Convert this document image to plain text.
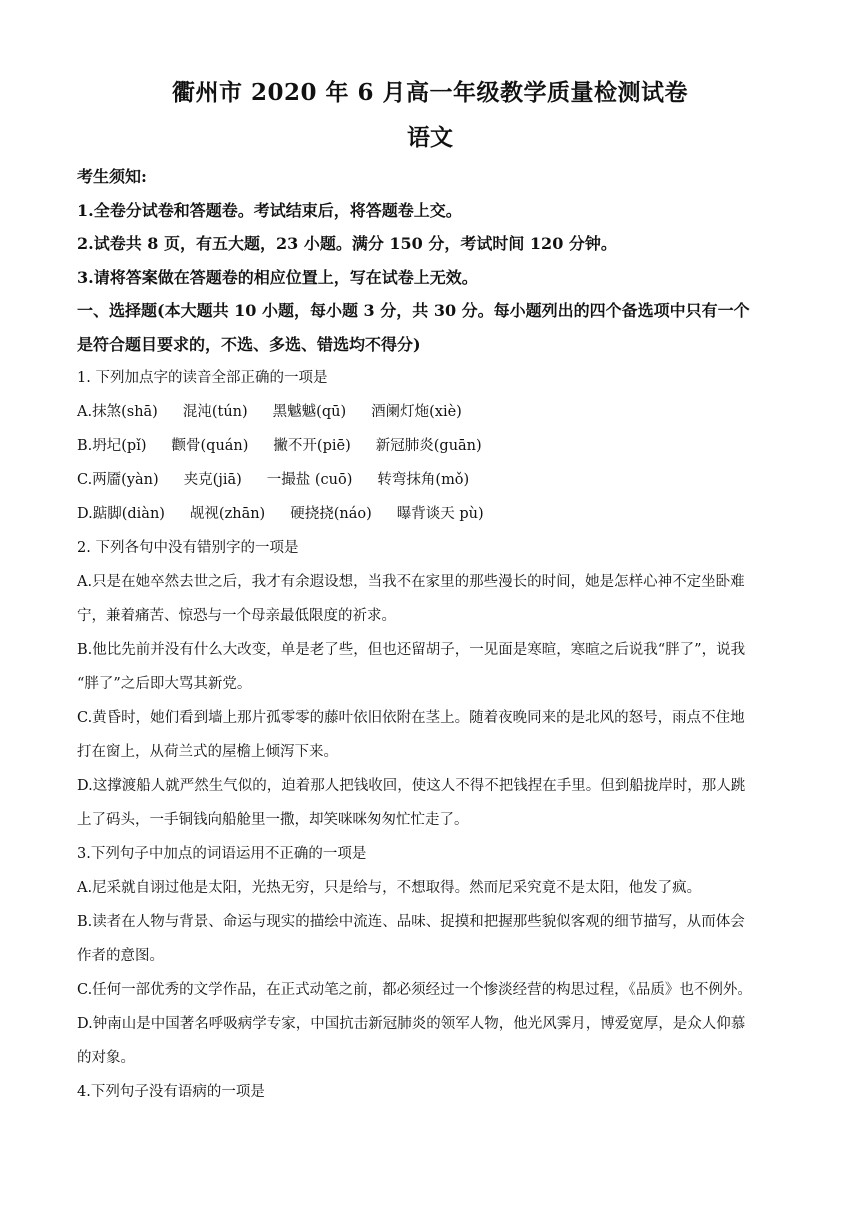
衢州市 2020 年 6 月高一年级教学质量检测试卷
语文
考生须知:
1.全卷分试卷和答题卷。考试结束后，将答题卷上交。
2.试卷共 8 页，有五大题，23 小题。满分 150 分，考试时间 120 分钟。
3.请将答案做在答题卷的相应位置上，写在试卷上无效。
一、选择题(本大题共 10 小题，每小题 3 分，共 30 分。每小题列出的四个备选项中只有一个
是符合题目要求的，不选、多选、错选均不得分)
1. 下列加点字的读音全部正确的一项是
A. 抹煞(shā) 混沌(tún) 黑魆魆(qū) 酒阑灯炧(xiè)
B. 坍圮(pǐ) 颧骨(quán) 撇不开(piē) 新冠肺炎(guān)
C. 两靥(yàn) 夹克(jiā) 一撮盐 (cuō) 转弯抹角(mǒ)
D. 踮脚(diàn) 觇视(zhān) 硬挠挠(náo) 曝背谈天 pù)
2. 下列各句中没有错别字的一项是
A.只是在她卒然去世之后，我才有余遐设想，当我不在家里的那些漫长的时间，她是怎样心神不定坐卧难
宁，兼着痛苦、惊恐与一个母亲最低限度的祈求。
B.他比先前并没有什么大改变，单是老了些，但也还留胡子，一见面是寒暄，寒暄之后说我“胖了”，说我
“胖了”之后即大骂其新党。
C.黄昏时，她们看到墙上那片孤零零的藤叶依旧依附在茎上。随着夜晚同来的是北风的怒号，雨点不住地
打在窗上，从荷兰式的屋檐上倾泻下来。
D.这撑渡船人就严然生气似的，迫着那人把钱收回，使这人不得不把钱捏在手里。但到船拢岸时，那人跳
上了码头，一手铜钱向船舱里一撒，却笑咪咪匆匆忙忙走了。
3.下列句子中加点的词语运用不正确的一项是
A.尼采就自诩过他是太阳，光热无穷，只是给与，不想取得。然而尼采究竟不是太阳，他发了疯。
B.读者在人物与背景、命运与现实的描绘中流连、品味、捉摸和把握那些貌似客观的细节描写，从而体会
作者的意图。
C.任何一部优秀的文学作品，在正式动笔之前，都必须经过一个惨淡经营的构思过程，《品质》也不例外。
D.钟南山是中国著名呼吸病学专家，中国抗击新冠肺炎的领军人物，他光风霁月，博爱宽厚，是众人仰慕
的对象。
4.下列句子没有语病的一项是
